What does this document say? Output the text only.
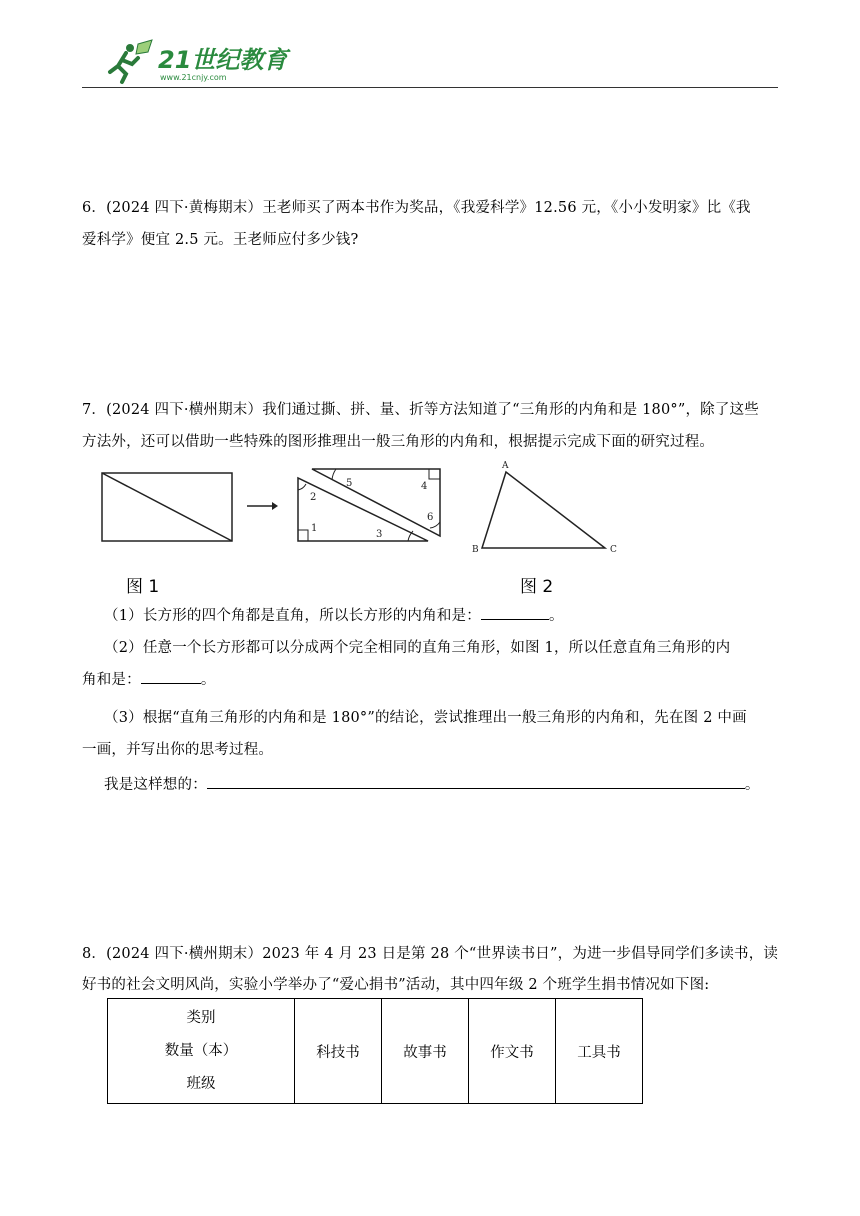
21世纪教育
www.21cnjy.com
6．(2024 四下·黄梅期末）王老师买了两本书作为奖品，《我爱科学》12.56 元，《小小发明家》比《我
爱科学》便宜 2.5 元。王老师应付多少钱?
7．(2024 四下·横州期末）我们通过撕、拼、量、折等方法知道了“三角形的内角和是 180°”，除了这些
方法外，还可以借助一些特殊的图形推理出一般三角形的内角和，根据提示完成下面的研究过程。
1
2
3
4
5
6
A
B	C
图 1	图 2
（1）长方形的四个角都是直角，所以长方形的内角和是：	。
（2）任意一个长方形都可以分成两个完全相同的直角三角形，如图 1，所以任意直角三角形的内
角和是：	。
（3）根据“直角三角形的内角和是 180°”的结论，尝试推理出一般三角形的内角和，先在图 2 中画
一画，并写出你的思考过程。
我是这样想的：	。
8．(2024 四下·横州期末）2023 年 4 月 23 日是第 28 个“世界读书日”，为进一步倡导同学们多读书，读
好书的社会文明风尚，实验小学举办了“爱心捐书”活动，其中四年级 2 个班学生捐书情况如下图:
类别
数量（本）
班级
	科技书	故事书	作文书	工具书
